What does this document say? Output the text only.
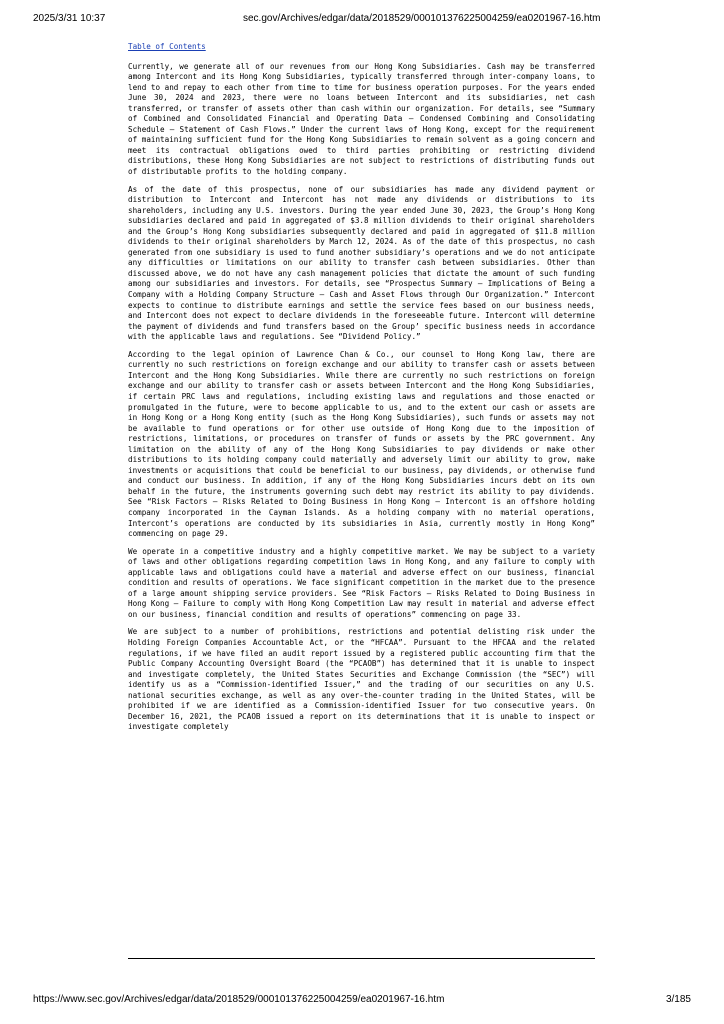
2025/3/31 10:37	sec.gov/Archives/edgar/data/2018529/000101376225004259/ea0201967-16.htm
Table of Contents

Currently, we generate all of our revenues from our Hong Kong Subsidiaries. Cash may be transferred among Intercont and its Hong Kong Subsidiaries, typically transferred through inter-company loans, to lend to and repay to each other from time to time for business operation purposes. For the years ended June 30, 2024 and 2023, there were no loans between Intercont and its subsidiaries, net cash transferred, or transfer of assets other than cash within our organization. For details, see “Summary of Combined and Consolidated Financial and Operating Data — Condensed Combining and Consolidating Schedule — Statement of Cash Flows.” Under the current laws of Hong Kong, except for the requirement of maintaining sufficient fund for the Hong Kong Subsidiaries to remain solvent as a going concern and meet its contractual obligations owed to third parties prohibiting or restricting dividend distributions, these Hong Kong Subsidiaries are not subject to restrictions of distributing funds out of distributable profits to the holding company.

As of the date of this prospectus, none of our subsidiaries has made any dividend payment or distribution to Intercont and Intercont has not made any dividends or distributions to its shareholders, including any U.S. investors. During the year ended June 30, 2023, the Group’s Hong Kong subsidiaries declared and paid in aggregated of $3.8 million dividends to their original shareholders and the Group’s Hong Kong subsidiaries subsequently declared and paid in aggregated of $11.8 million dividends to their original shareholders by March 12, 2024. As of the date of this prospectus, no cash generated from one subsidiary is used to fund another subsidiary’s operations and we do not anticipate any difficulties or limitations on our ability to transfer cash between subsidiaries. Other than discussed above, we do not have any cash management policies that dictate the amount of such funding among our subsidiaries and investors. For details, see “Prospectus Summary — Implications of Being a Company with a Holding Company Structure — Cash and Asset Flows through Our Organization.” Intercont expects to continue to distribute earnings and settle the service fees based on our business needs, and Intercont does not expect to declare dividends in the foreseeable future. Intercont will determine the payment of dividends and fund transfers based on the Group’ specific business needs in accordance with the applicable laws and regulations. See “Dividend Policy.”

According to the legal opinion of Lawrence Chan & Co., our counsel to Hong Kong law, there are currently no such restrictions on foreign exchange and our ability to transfer cash or assets between Intercont and the Hong Kong Subsidiaries. While there are currently no such restrictions on foreign exchange and our ability to transfer cash or assets between Intercont and the Hong Kong Subsidiaries, if certain PRC laws and regulations, including existing laws and regulations and those enacted or promulgated in the future, were to become applicable to us, and to the extent our cash or assets are in Hong Kong or a Hong Kong entity (such as the Hong Kong Subsidiaries), such funds or assets may not be available to fund operations or for other use outside of Hong Kong due to the imposition of restrictions, limitations, or procedures on transfer of funds or assets by the PRC government. Any limitation on the ability of any of the Hong Kong Subsidiaries to pay dividends or make other distributions to its holding company could materially and adversely limit our ability to grow, make investments or acquisitions that could be beneficial to our business, pay dividends, or otherwise fund and conduct our business. In addition, if any of the Hong Kong Subsidiaries incurs debt on its own behalf in the future, the instruments governing such debt may restrict its ability to pay dividends. See “Risk Factors — Risks Related to Doing Business in Hong Kong — Intercont is an offshore holding company incorporated in the Cayman Islands. As a holding company with no material operations, Intercont’s operations are conducted by its subsidiaries in Asia, currently mostly in Hong Kong” commencing on page 29.

We operate in a competitive industry and a highly competitive market. We may be subject to a variety of laws and other obligations regarding competition laws in Hong Kong, and any failure to comply with applicable laws and obligations could have a material and adverse effect on our business, financial condition and results of operations. We face significant competition in the market due to the presence of a large amount shipping service providers. See “Risk Factors — Risks Related to Doing Business in Hong Kong — Failure to comply with Hong Kong Competition Law may result in material and adverse effect on our business, financial condition and results of operations” commencing on page 33.

We are subject to a number of prohibitions, restrictions and potential delisting risk under the Holding Foreign Companies Accountable Act, or the “HFCAA”. Pursuant to the HFCAA and the related regulations, if we have filed an audit report issued by a registered public accounting firm that the Public Company Accounting Oversight Board (the “PCAOB”) has determined that it is unable to inspect and investigate completely, the United States Securities and Exchange Commission (the “SEC”) will identify us as a “Commission-identified Issuer,” and the trading of our securities on any U.S. national securities exchange, as well as any over-the-counter trading in the United States, will be prohibited if we are identified as a Commission-identified Issuer for two consecutive years. On December 16, 2021, the PCAOB issued a report on its determinations that it is unable to inspect or investigate completely

https://www.sec.gov/Archives/edgar/data/2018529/000101376225004259/ea0201967-16.htm	3/185
